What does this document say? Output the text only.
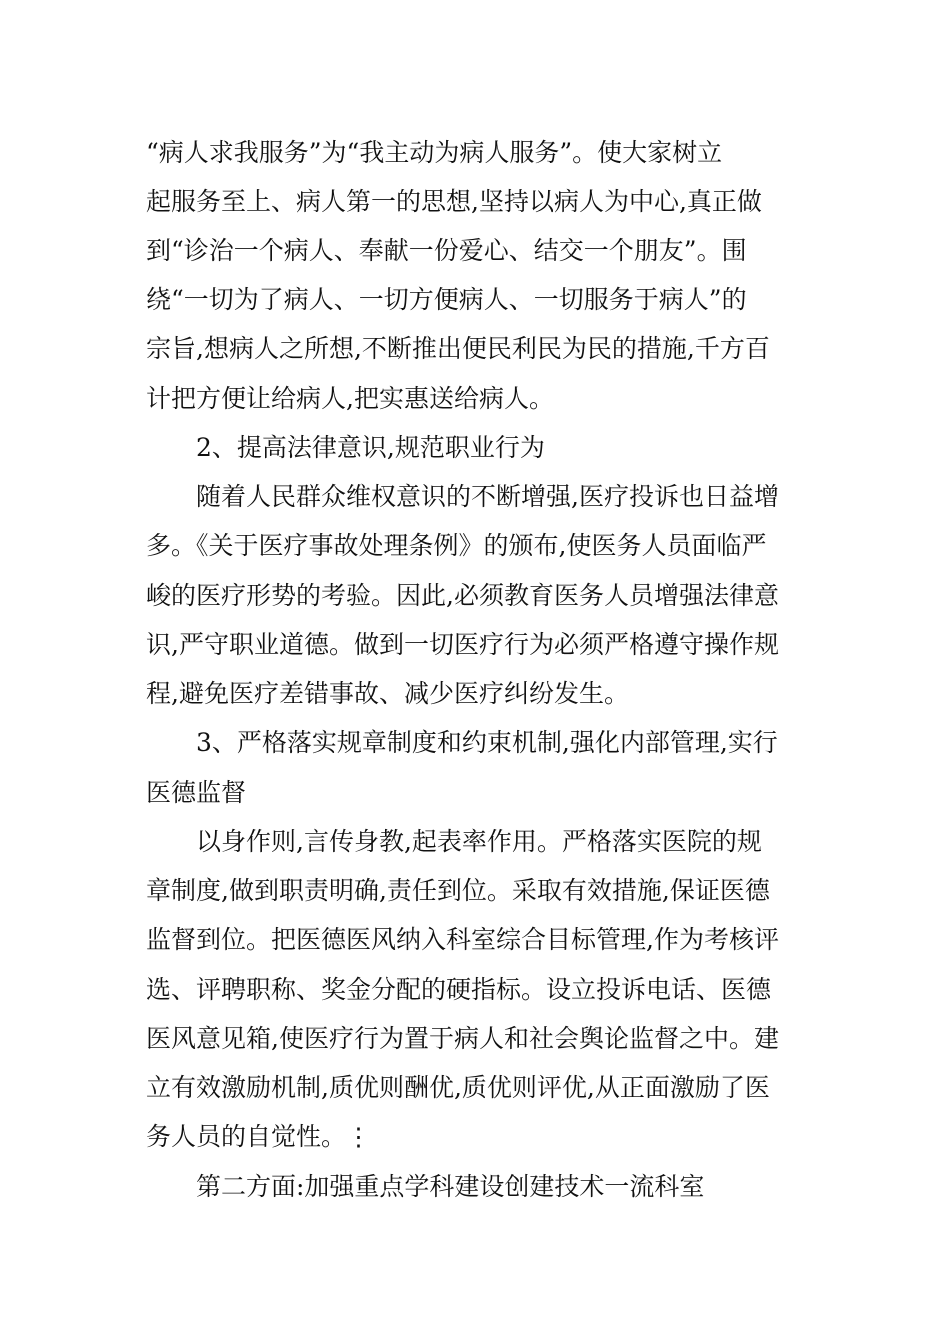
“病人求我服务”为“我主动为病人服务”。使大家树立

起服务至上、病人第一的思想,坚持以病人为中心,真正做

到“诊治一个病人、奉献一份爱心、结交一个朋友”。围

绕“一切为了病人、一切方便病人、一切服务于病人”的

宗旨,想病人之所想,不断推出便民利民为民的措施,千方百

计把方便让给病人,把实惠送给病人。

2、提高法律意识,规范职业行为

随着人民群众维权意识的不断增强,医疗投诉也日益增

多。《关于医疗事故处理条例》的颁布,使医务人员面临严

峻的医疗形势的考验。因此,必须教育医务人员增强法律意

识,严守职业道德。做到一切医疗行为必须严格遵守操作规

程,避免医疗差错事故、减少医疗纠纷发生。

3、严格落实规章制度和约束机制,强化内部管理,实行

医德监督

以身作则,言传身教,起表率作用。严格落实医院的规

章制度,做到职责明确,责任到位。采取有效措施,保证医德

监督到位。把医德医风纳入科室综合目标管理,作为考核评

选、评聘职称、奖金分配的硬指标。设立投诉电话、医德

医风意见箱,使医疗行为置于病人和社会舆论监督之中。建

立有效激励机制,质优则酬优,质优则评优,从正面激励了医

务人员的自觉性。⋮

第二方面:加强重点学科建设创建技术一流科室
